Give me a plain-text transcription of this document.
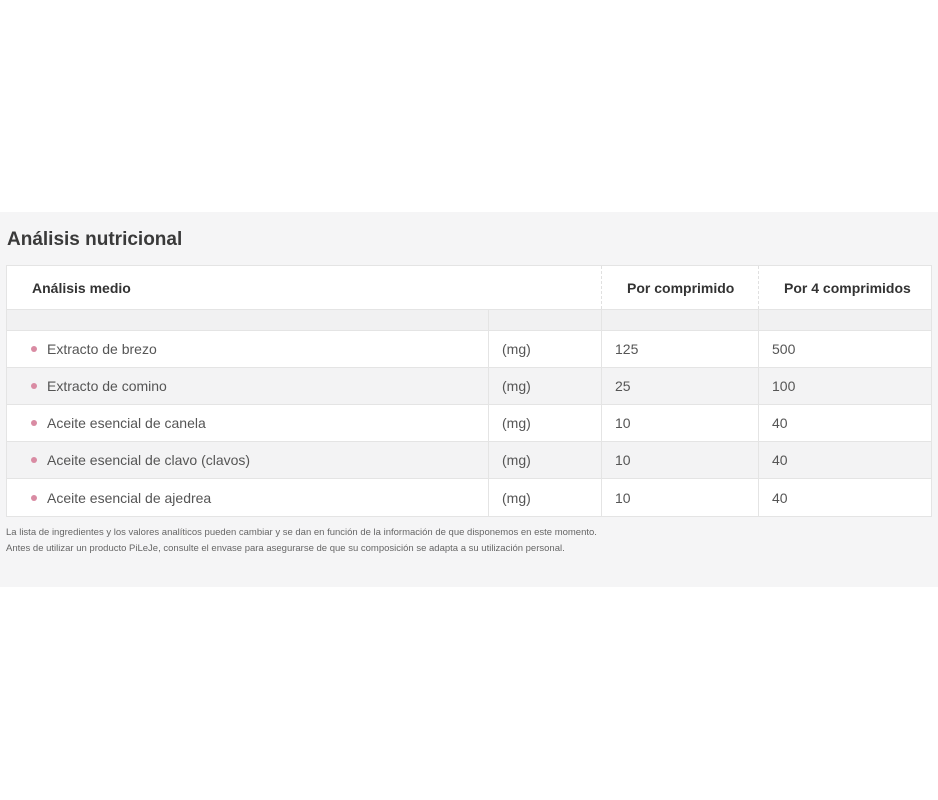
Análisis nutricional
Análisis medio	Por comprimido	Por 4 comprimidos
Extracto de brezo	(mg)	125	500
Extracto de comino	(mg)	25	100
Aceite esencial de canela	(mg)	10	40
Aceite esencial de clavo (clavos)	(mg)	10	40
Aceite esencial de ajedrea	(mg)	10	40

La lista de ingredientes y los valores analíticos pueden cambiar y se dan en función de la información de que disponemos en este momento.

Antes de utilizar un producto PiLeJe, consulte el envase para asegurarse de que su composición se adapta a su utilización personal.
